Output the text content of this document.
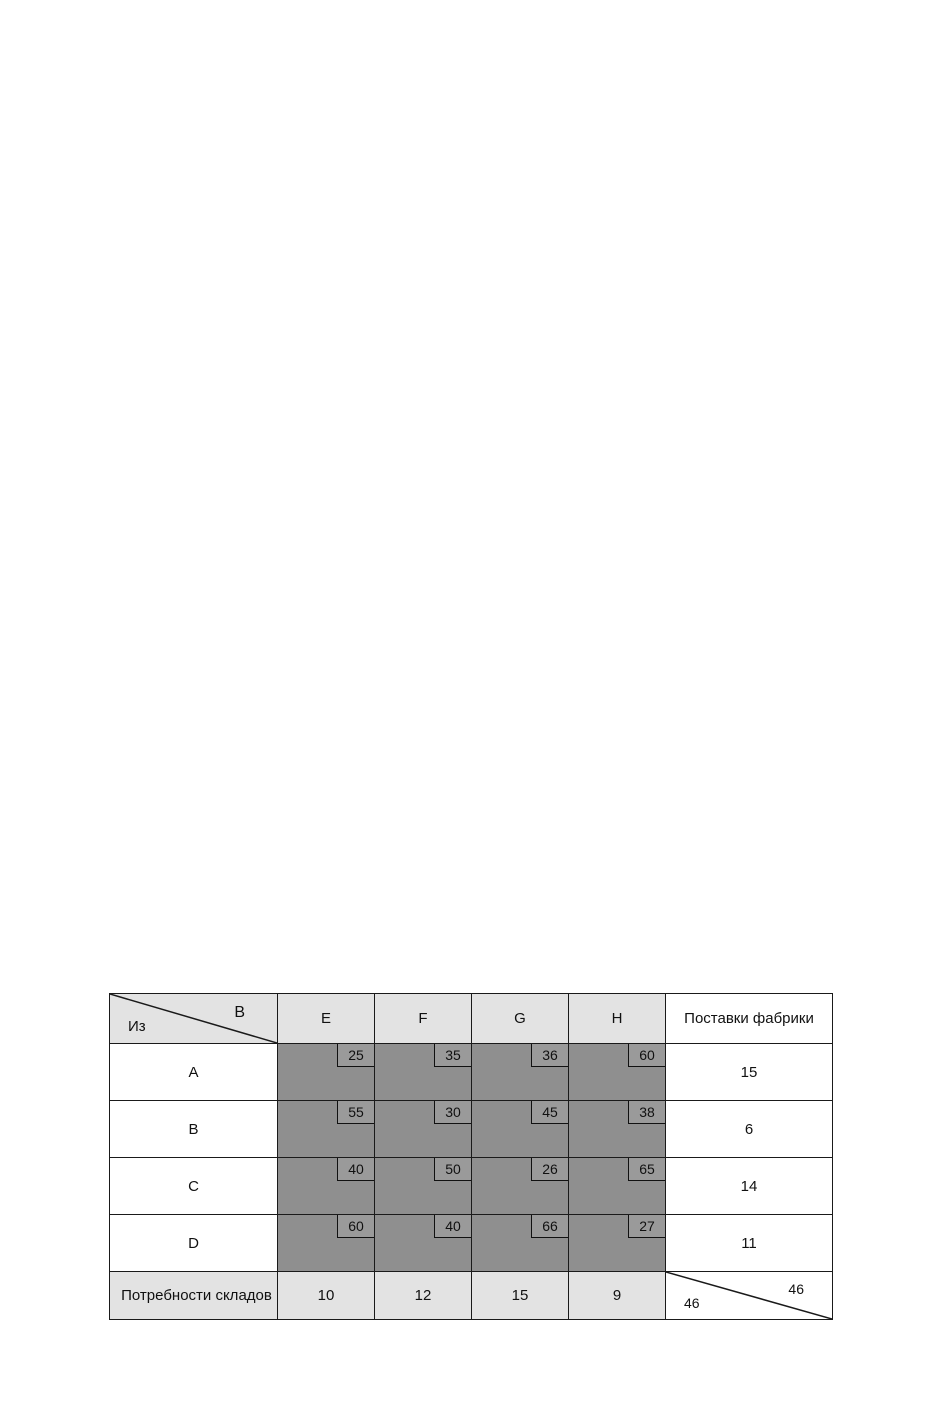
В
Из	E	F	G	H	Поставки фабрики
A	25	35	36	60	15
B	55	30	45	38	6
C	40	50	26	65	14
D	60	40	66	27	11
Потребности складов	10	12	15	9	46
46
